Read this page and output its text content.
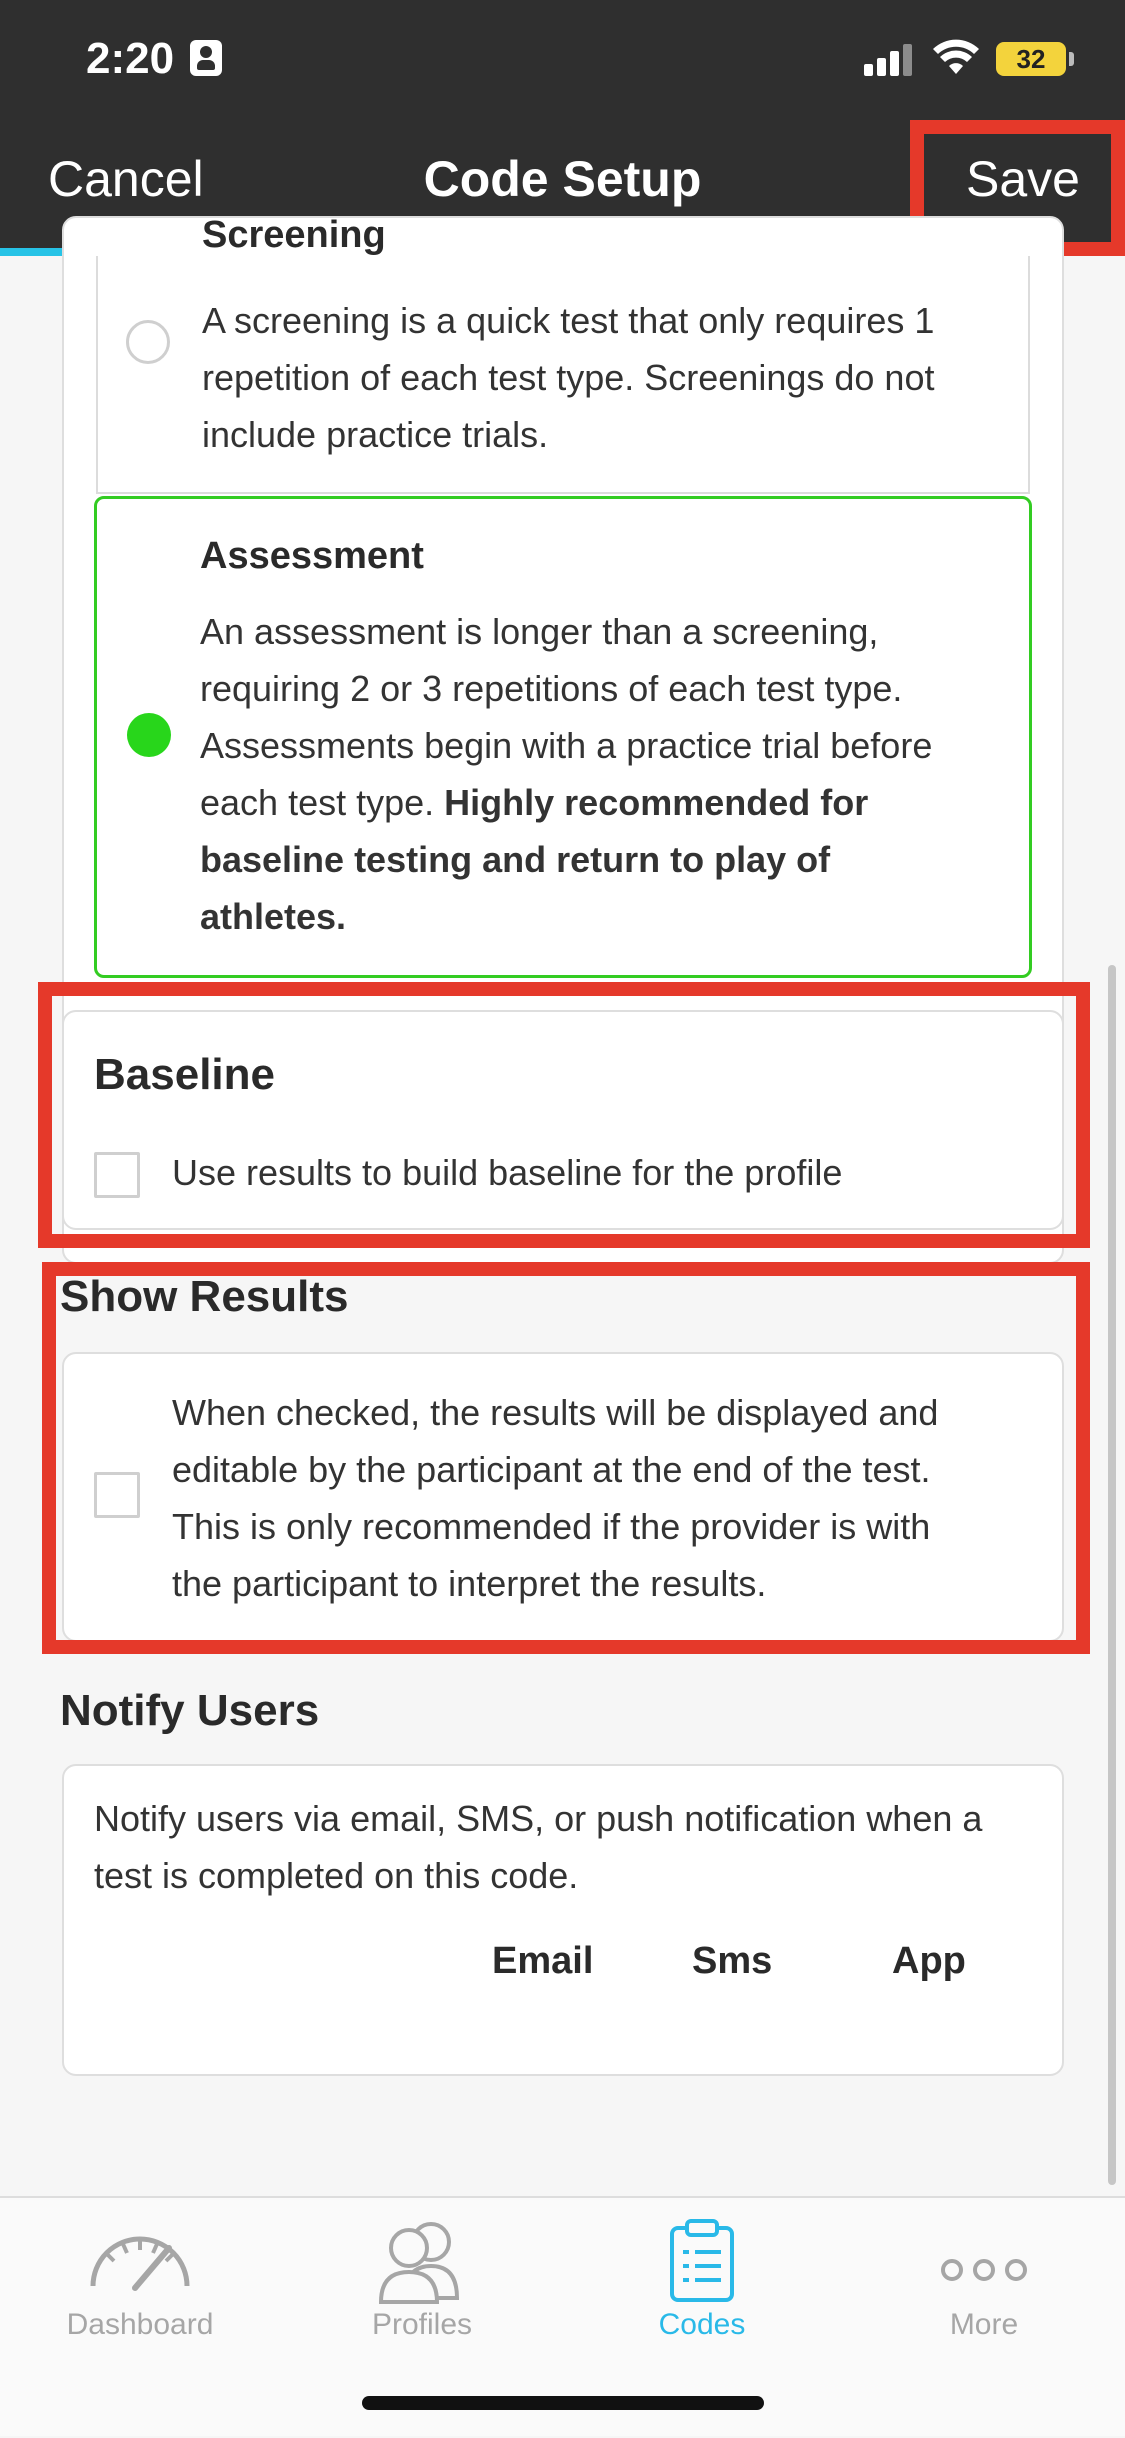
2:20	32
Code Setup
Cancel	Save
Screening
A screening is a quick test that only requires 1
repetition of each test type. Screenings do not
include practice trials.
Assessment
An assessment is longer than a screening,
requiring 2 or 3 repetitions of each test type.
Assessments begin with a practice trial before
each test type. Highly recommended for
baseline testing and return to play of
athletes.
Baseline
Use results to build baseline for the profile
Show Results
When checked, the results will be displayed and
editable by the participant at the end of the test.
This is only recommended if the provider is with
the participant to interpret the results.
Notify Users
Notify users via email, SMS, or push notification when a
test is completed on this code.
Email	Sms	App
Dashboard	Profiles	Codes	More
